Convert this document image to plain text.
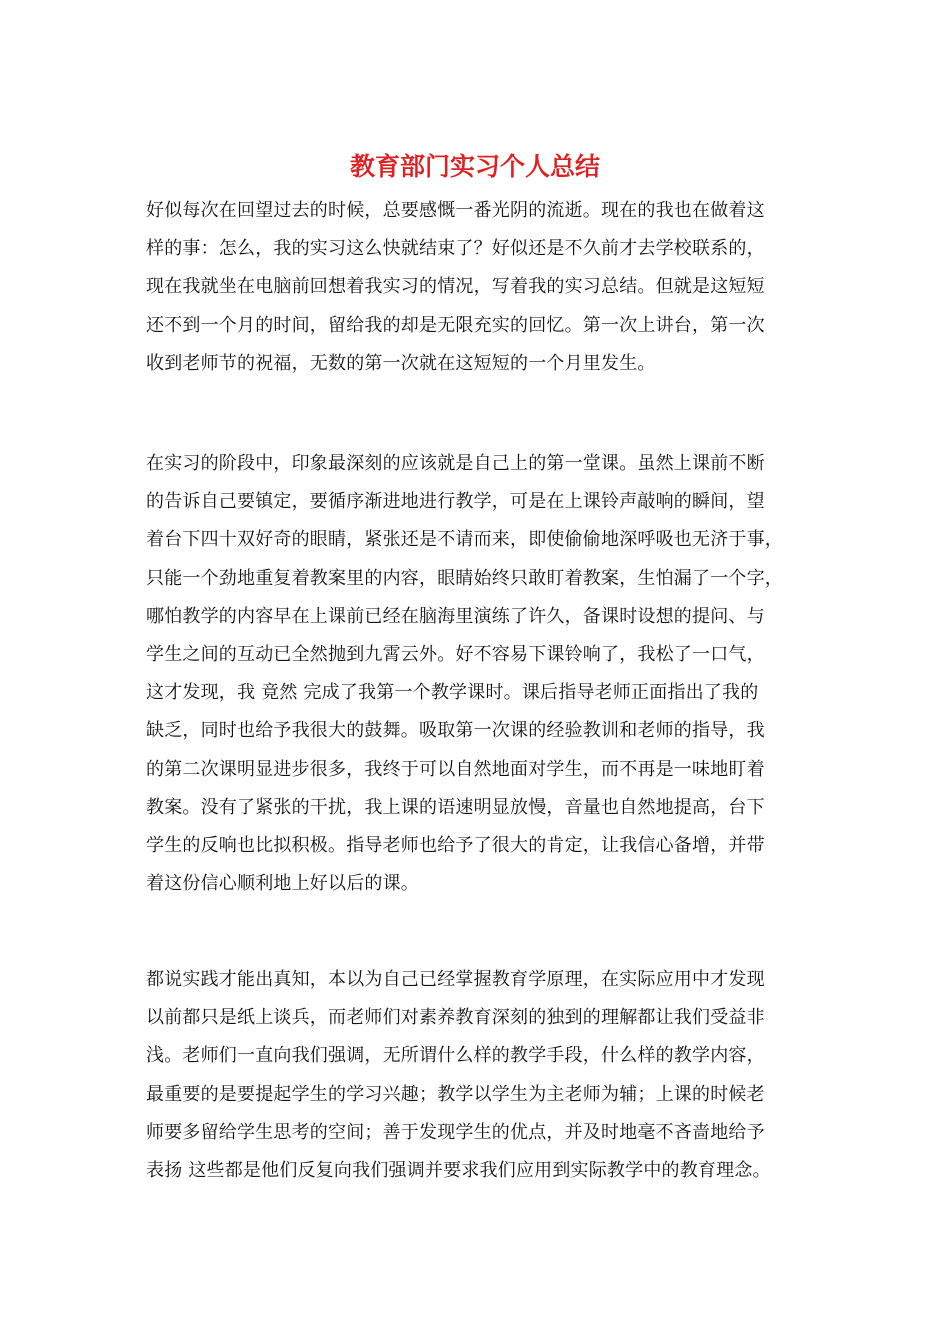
教育部门实习个人总结

好似每次在回望过去的时候，总要感慨一番光阴的流逝。现在的我也在做着这
样的事：怎么，我的实习这么快就结束了？好似还是不久前才去学校联系的，
现在我就坐在电脑前回想着我实习的情况，写着我的实习总结。但就是这短短
还不到一个月的时间，留给我的却是无限充实的回忆。第一次上讲台，第一次
收到老师节的祝福，无数的第一次就在这短短的一个月里发生。

在实习的阶段中，印象最深刻的应该就是自己上的第一堂课。虽然上课前不断
的告诉自己要镇定，要循序渐进地进行教学，可是在上课铃声敲响的瞬间，望
着台下四十双好奇的眼睛，紧张还是不请而来，即使偷偷地深呼吸也无济于事，
只能一个劲地重复着教案里的内容，眼睛始终只敢盯着教案，生怕漏了一个字，
哪怕教学的内容早在上课前已经在脑海里演练了许久，备课时设想的提问、与
学生之间的互动已全然抛到九霄云外。好不容易下课铃响了，我松了一口气，
这才发现，我 竟然 完成了我第一个教学课时。课后指导老师正面指出了我的
缺乏，同时也给予我很大的鼓舞。吸取第一次课的经验教训和老师的指导，我
的第二次课明显进步很多，我终于可以自然地面对学生，而不再是一味地盯着
教案。没有了紧张的干扰，我上课的语速明显放慢，音量也自然地提高，台下
学生的反响也比拟积极。指导老师也给予了很大的肯定，让我信心备增，并带
着这份信心顺利地上好以后的课。

都说实践才能出真知，本以为自己已经掌握教育学原理，在实际应用中才发现
以前都只是纸上谈兵，而老师们对素养教育深刻的独到的理解都让我们受益非
浅。老师们一直向我们强调，无所谓什么样的教学手段，什么样的教学内容，
最重要的是要提起学生的学习兴趣；教学以学生为主老师为辅；上课的时候老
师要多留给学生思考的空间；善于发现学生的优点，并及时地毫不吝啬地给予
表扬 这些都是他们反复向我们强调并要求我们应用到实际教学中的教育理念。
